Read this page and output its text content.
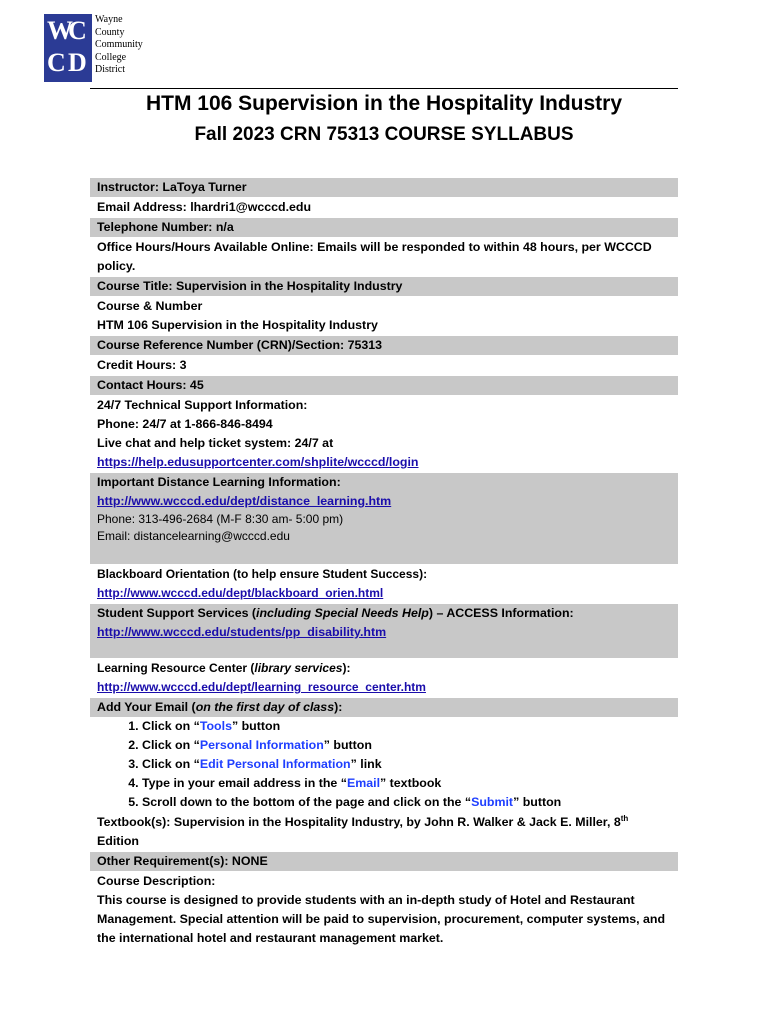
W
C
C D
Wayne
County
Community
College
District
HTM 106 Supervision in the Hospitality Industry
Fall 2023 CRN 75313 COURSE SYLLABUS
Instructor: LaToya Turner
Email Address: lhardri1@wcccd.edu
Telephone Number: n/a
Office Hours/Hours Available Online: Emails will be responded to within 48 hours, per WCCCD policy.
Course Title: Supervision in the Hospitality Industry

Course & Number
HTM 106 Supervision in the Hospitality Industry

Course Reference Number (CRN)/Section: 75313
Credit Hours: 3
Contact Hours: 45

24/7 Technical Support Information:
Phone: 24/7 at 1-866-846-8494
Live chat and help ticket system: 24/7 at
https://help.edusupportcenter.com/shplite/wcccd/login

Important Distance Learning Information:
http://www.wcccd.edu/dept/distance_learning.htm
Phone: 313-496-2684 (M-F 8:30 am- 5:00 pm)
Email: distancelearning@wcccd.edu

Blackboard Orientation (to help ensure Student Success):
http://www.wcccd.edu/dept/blackboard_orien.html

Student Support Services (including Special Needs Help) – ACCESS Information:
http://www.wcccd.edu/students/pp_disability.htm

Learning Resource Center (library services):
http://www.wcccd.edu/dept/learning_resource_center.htm

Add Your Email (on the first day of class):
1. Click on “Tools” button
2. Click on “Personal Information” button
3. Click on “Edit Personal Information” link
4. Type in your email address in the “Email” textbook
5. Scroll down to the bottom of the page and click on the “Submit” button

Textbook(s): Supervision in the Hospitality Industry, by John R. Walker & Jack E. Miller, 8th
Edition

Other Requirement(s): NONE

Course Description:
This course is designed to provide students with an in-depth study of Hotel and Restaurant Management. Special attention will be paid to supervision, procurement, computer systems, and the international hotel and restaurant management market.
